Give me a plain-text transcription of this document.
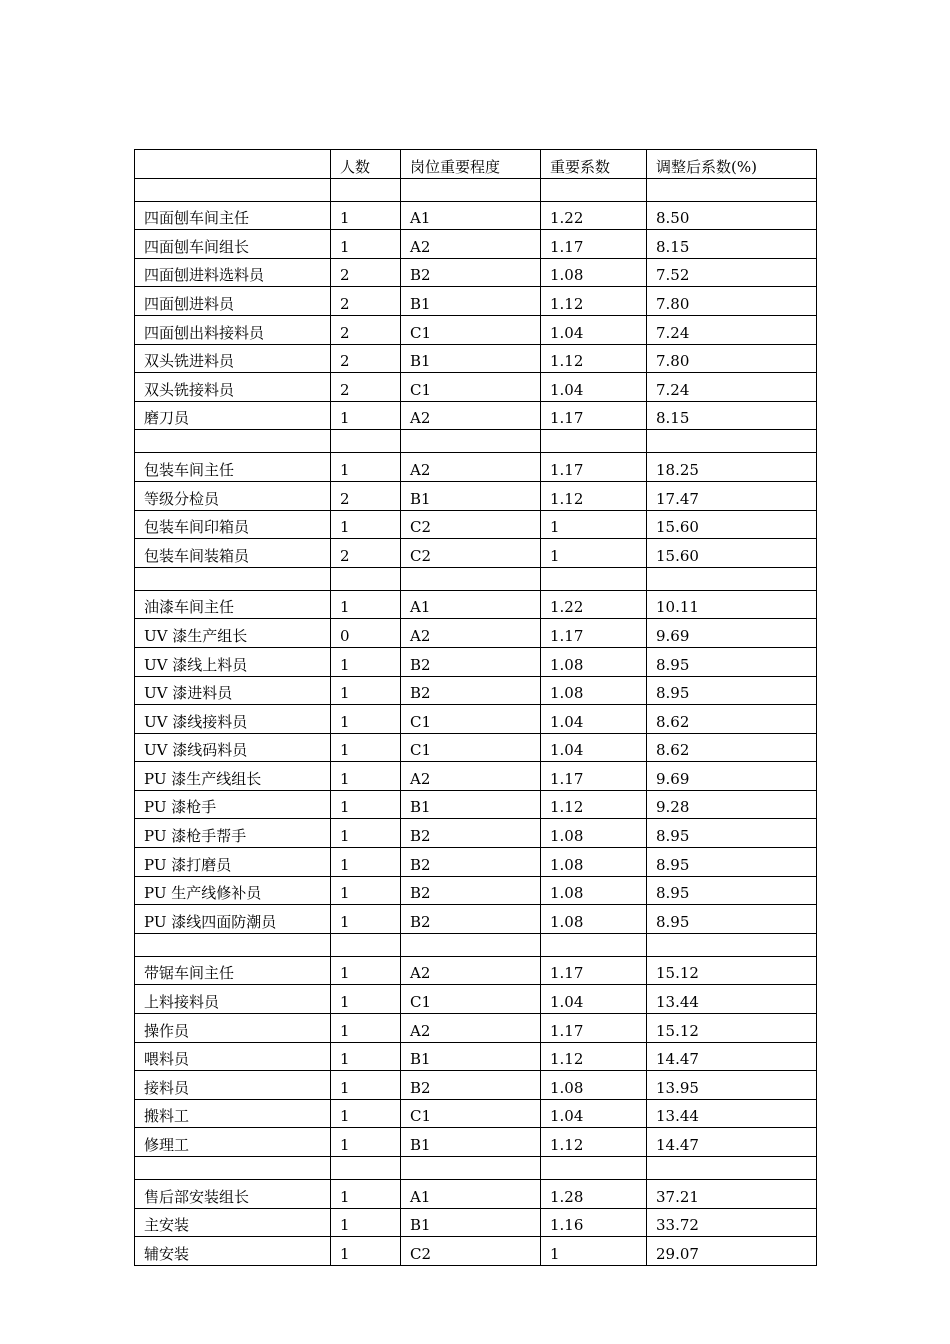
	人数	岗位重要程度	重要系数	调整后系数(%)

四面刨车间主任	1	A1	1.22	8.50
四面刨车间组长	1	A2	1.17	8.15
四面刨进料选料员	2	B2	1.08	7.52
四面刨进料员	2	B1	1.12	7.80
四面刨出料接料员	2	C1	1.04	7.24
双头铣进料员	2	B1	1.12	7.80
双头铣接料员	2	C1	1.04	7.24
磨刀员	1	A2	1.17	8.15

包装车间主任	1	A2	1.17	18.25
等级分检员	2	B1	1.12	17.47
包装车间印箱员	1	C2	1	15.60
包装车间装箱员	2	C2	1	15.60

油漆车间主任	1	A1	1.22	10.11
UV 漆生产组长	0	A2	1.17	9.69
UV 漆线上料员	1	B2	1.08	8.95
UV 漆进料员	1	B2	1.08	8.95
UV 漆线接料员	1	C1	1.04	8.62
UV 漆线码料员	1	C1	1.04	8.62
PU 漆生产线组长	1	A2	1.17	9.69
PU 漆枪手	1	B1	1.12	9.28
PU 漆枪手帮手	1	B2	1.08	8.95
PU 漆打磨员	1	B2	1.08	8.95
PU 生产线修补员	1	B2	1.08	8.95
PU 漆线四面防潮员	1	B2	1.08	8.95

带锯车间主任	1	A2	1.17	15.12
上料接料员	1	C1	1.04	13.44
操作员	1	A2	1.17	15.12
喂料员	1	B1	1.12	14.47
接料员	1	B2	1.08	13.95
搬料工	1	C1	1.04	13.44
修理工	1	B1	1.12	14.47

售后部安装组长	1	A1	1.28	37.21
主安装	1	B1	1.16	33.72
辅安装	1	C2	1	29.07
